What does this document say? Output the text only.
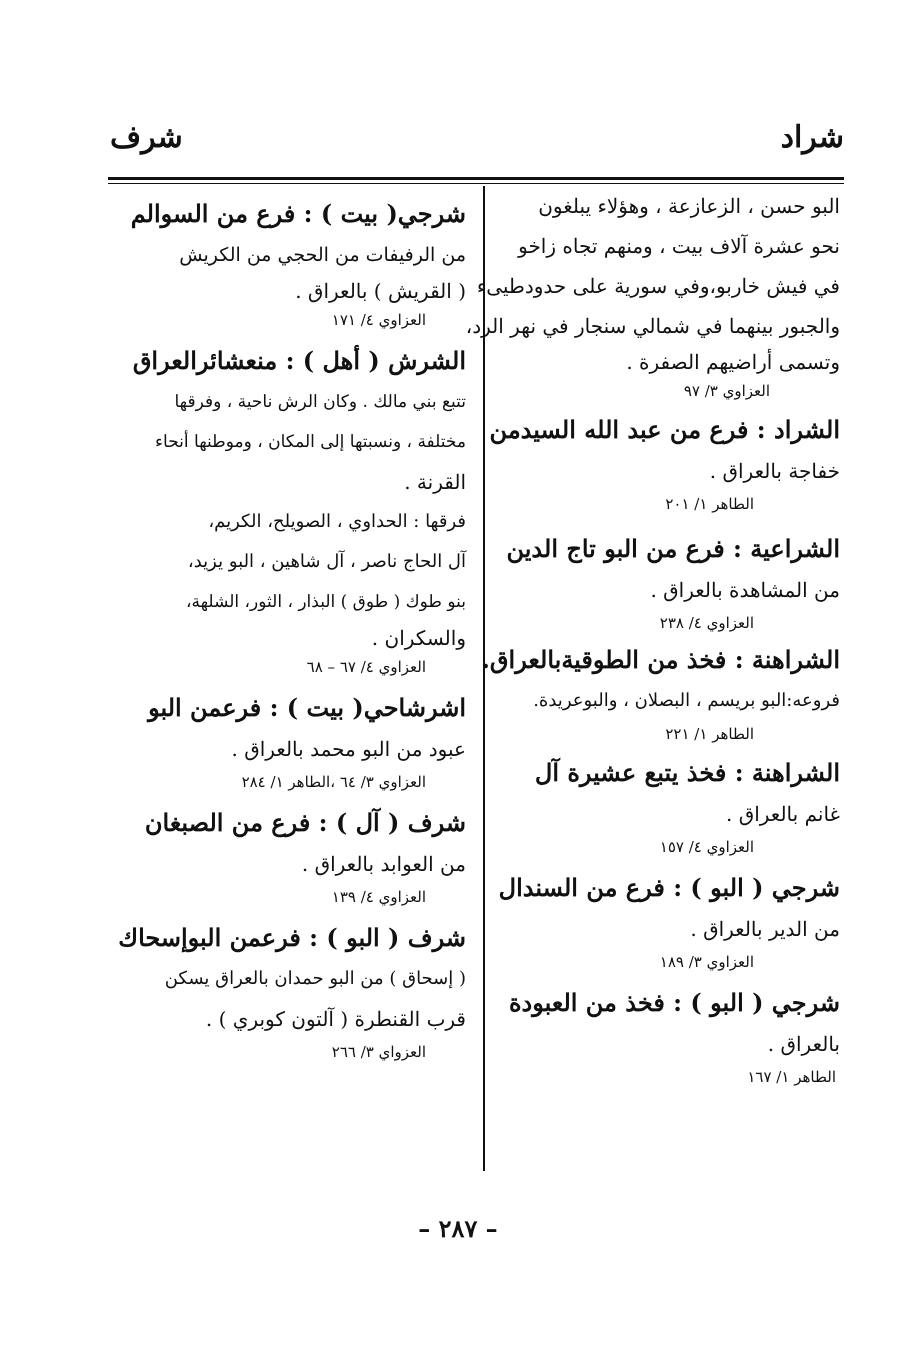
شراد
شرف
البو حسن ، الزعازعة ، وهؤلاء يبلغون
نحو عشرة آلاف بيت ، ومنهم تجاه زاخو
في فيش خاربو،وفي سورية على حدودطيىء
والجبور بينهما في شمالي سنجار في نهر الرد،
وتسمى أراضيهم الصفرة .
العزاوي ٣/ ٩٧
الشراد : فرع من عبد الله السيدمن
خفاجة بالعراق .
الطاهر ١/ ٢٠١
الشراعية : فرع من البو تاج الدين
من المشاهدة بالعراق .
العزاوي ٤/ ٢٣٨
الشراهنة : فخذ من الطوقيةبالعراق.
فروعه:البو بريسم ، البصلان ، والبوعريدة.
الطاهر ١/ ٢٢١
الشراهنة : فخذ يتبع عشيرة آل
غانم بالعراق .
العزاوي ٤/ ١٥٧
شرجي ( البو ) : فرع من السندال
من الدير بالعراق .
العزاوي ٣/ ١٨٩
شرجي ( البو ) : فخذ من العبودة
بالعراق .
الطاهر ١/ ١٦٧
شرجي( بيت ) : فرع من السوالم
من الرفيفات من الحجي من الكريش
( القريش ) بالعراق .
العزاوي ٤/ ١٧١
الشرش ( أهل ) : منعشائرالعراق
تتبع بني مالك . وكان الرش ناحية ، وفرقها
مختلفة ، ونسبتها إلى المكان ، وموطنها أنحاء
القرنة .
فرقها : الحداوي ، الصويلح، الكريم،
آل الحاج ناصر ، آل شاهين ، البو يزيد،
بنو طوك ( طوق ) البذار ، الثور، الشلهة،
والسكران .
العزاوي ٤/ ٦٧ – ٦٨
اشرشاحي( بيت ) : فرعمن البو
عبود من البو محمد بالعراق .
العزاوي ٣/ ٦٤ ،الطاهر ١/ ٢٨٤
شرف ( آل ) : فرع من الصبغان
من العوابد بالعراق .
العزاوي ٤/ ١٣٩
شرف ( البو ) : فرعمن البوإسحاك
( إسحاق ) من البو حمدان بالعراق يسكن
قرب القنطرة ( آلتون كوبري ) .
العزواي ٣/ ٢٦٦
– ٢٨٧ –
